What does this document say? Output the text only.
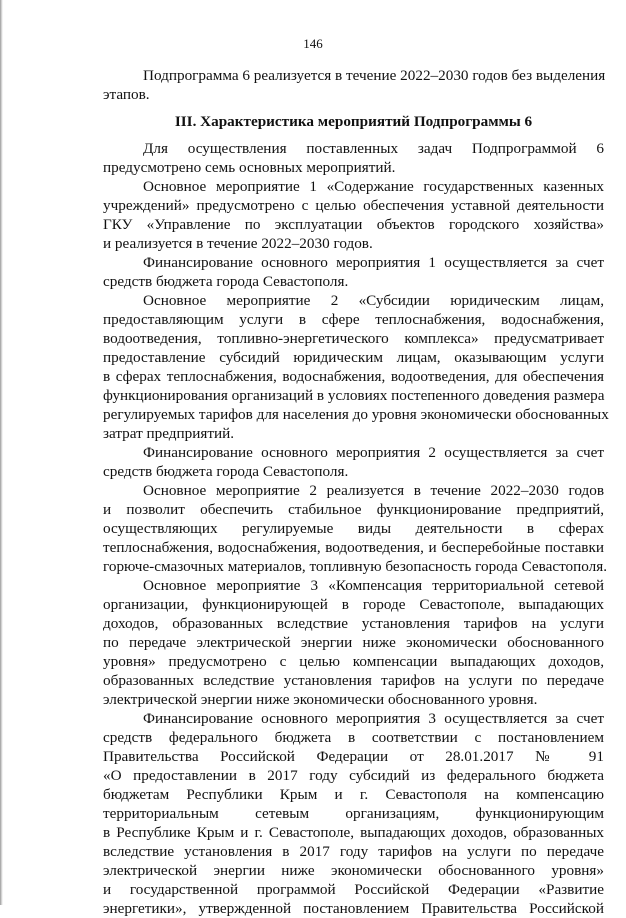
146
Подпрограмма 6 реализуется в течение 2022–2030 годов без выделения
этапов.
III. Характеристика мероприятий Подпрограммы 6
Для осуществления поставленных задач Подпрограммой 6
предусмотрено семь основных мероприятий.
Основное мероприятие 1 «Содержание государственных казенных
учреждений» предусмотрено с целью обеспечения уставной деятельности
ГКУ «Управление по эксплуатации объектов городского хозяйства»
и реализуется в течение 2022–2030 годов.
Финансирование основного мероприятия 1 осуществляется за счет
средств бюджета города Севастополя.
Основное мероприятие 2 «Субсидии юридическим лицам,
предоставляющим услуги в сфере теплоснабжения, водоснабжения,
водоотведения, топливно-энергетического комплекса» предусматривает
предоставление субсидий юридическим лицам, оказывающим услуги
в сферах теплоснабжения, водоснабжения, водоотведения, для обеспечения
функционирования организаций в условиях постепенного доведения размера
регулируемых тарифов для населения до уровня экономически обоснованных
затрат предприятий.
Финансирование основного мероприятия 2 осуществляется за счет
средств бюджета города Севастополя.
Основное мероприятие 2 реализуется в течение 2022–2030 годов
и позволит обеспечить стабильное функционирование предприятий,
осуществляющих регулируемые виды деятельности в сферах
теплоснабжения, водоснабжения, водоотведения, и бесперебойные поставки
горюче-смазочных материалов, топливную безопасность города Севастополя.
Основное мероприятие 3 «Компенсация территориальной сетевой
организации, функционирующей в городе Севастополе, выпадающих
доходов, образованных вследствие установления тарифов на услуги
по передаче электрической энергии ниже экономически обоснованного
уровня» предусмотрено с целью компенсации выпадающих доходов,
образованных вследствие установления тарифов на услуги по передаче
электрической энергии ниже экономически обоснованного уровня.
Финансирование основного мероприятия 3 осуществляется за счет
средств федерального бюджета в соответствии с постановлением
Правительства Российской Федерации от 28.01.2017 № 91
«О предоставлении в 2017 году субсидий из федерального бюджета
бюджетам Республики Крым и г. Севастополя на компенсацию
территориальным сетевым организациям, функционирующим
в Республике Крым и г. Севастополе, выпадающих доходов, образованных
вследствие установления в 2017 году тарифов на услуги по передаче
электрической энергии ниже экономически обоснованного уровня»
и государственной программой Российской Федерации «Развитие
энергетики», утвержденной постановлением Правительства Российской
